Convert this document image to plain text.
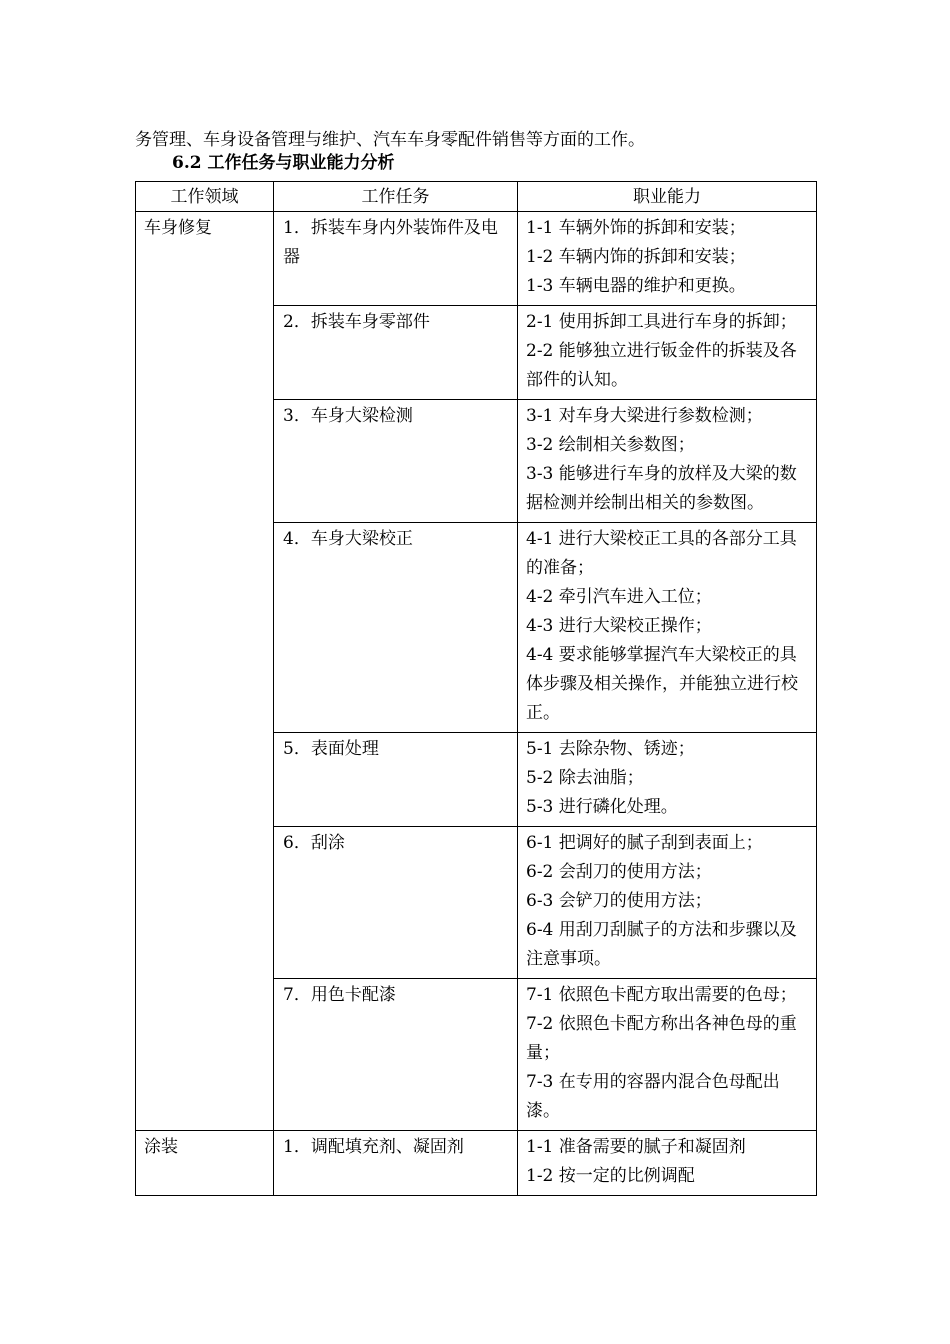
务管理、车身设备管理与维护、汽车车身零配件销售等方面的工作。
6.2 工作任务与职业能力分析
工作领域	工作任务	职业能力
车身修复	1．拆装车身内外装饰件及电器	1-1 车辆外饰的拆卸和安装；
1-2 车辆内饰的拆卸和安装；
1-3 车辆电器的维护和更换。

	2．拆装车身零部件	2-1 使用拆卸工具进行车身的拆卸；
2-2 能够独立进行钣金件的拆装及各部件的认知。

	3．车身大梁检测	3-1 对车身大梁进行参数检测；
3-2 绘制相关参数图；
3-3 能够进行车身的放样及大梁的数据检测并绘制出相关的参数图。

	4．车身大梁校正	4-1 进行大梁校正工具的各部分工具的准备；
4-2 牵引汽车进入工位；
4-3 进行大梁校正操作；
4-4 要求能够掌握汽车大梁校正的具体步骤及相关操作，并能独立进行校正。

	5．表面处理	5-1 去除杂物、锈迹；
5-2 除去油脂；
5-3 进行磷化处理。

	6．刮涂	6-1 把调好的腻子刮到表面上；
6-2 会刮刀的使用方法；
6-3 会铲刀的使用方法；
6-4 用刮刀刮腻子的方法和步骤以及注意事项。

	7．用色卡配漆	7-1 依照色卡配方取出需要的色母；
7-2 依照色卡配方称出各神色母的重量；
7-3 在专用的容器内混合色母配出漆。

涂装	1．调配填充剂、凝固剂	1-1 准备需要的腻子和凝固剂
1-2 按一定的比例调配
